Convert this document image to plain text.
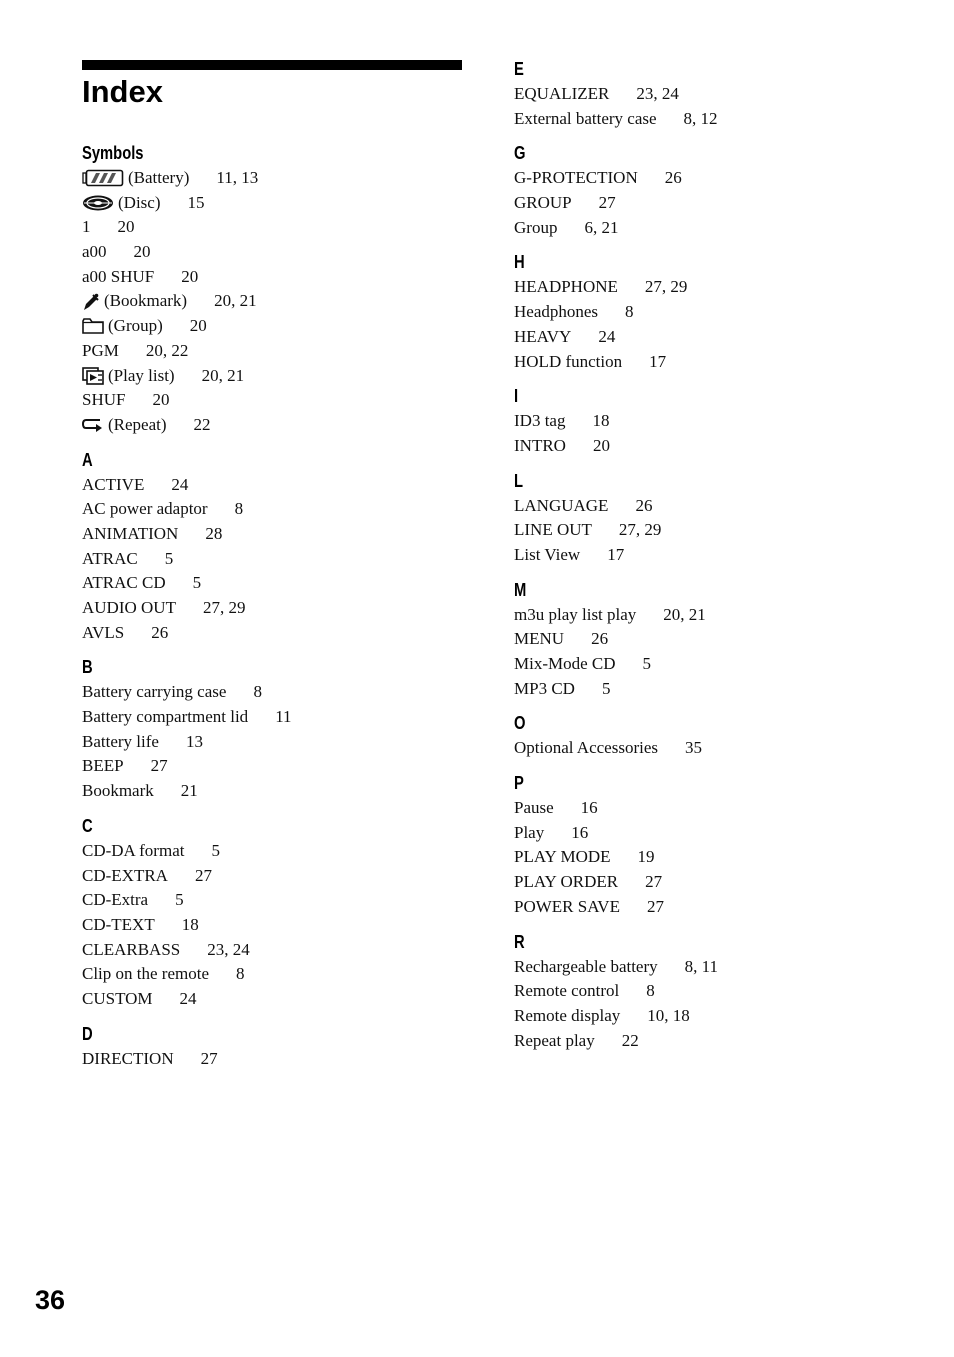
Index
Symbols
(Battery) 11, 13
(Disc) 15
1 20
a00 20
a00 SHUF 20
(Bookmark) 20, 21
(Group) 20
PGM 20, 22
(Play list) 20, 21
SHUF 20
(Repeat) 22
A
ACTIVE 24
AC power adaptor 8
ANIMATION 28
ATRAC 5
ATRAC CD 5
AUDIO OUT 27, 29
AVLS 26
B
Battery carrying case 8
Battery compartment lid 11
Battery life 13
BEEP 27
Bookmark 21
C
CD-DA format 5
CD-EXTRA 27
CD-Extra 5
CD-TEXT 18
CLEARBASS 23, 24
Clip on the remote 8
CUSTOM 24
D
DIRECTION 27
E
EQUALIZER 23, 24
External battery case 8, 12
G
G-PROTECTION 26
GROUP 27
Group 6, 21
H
HEADPHONE 27, 29
Headphones 8
HEAVY 24
HOLD function 17
I
ID3 tag 18
INTRO 20
L
LANGUAGE 26
LINE OUT 27, 29
List View 17
M
m3u play list play 20, 21
MENU 26
Mix-Mode CD 5
MP3 CD 5
O
Optional Accessories 35
P
Pause 16
Play 16
PLAY MODE 19
PLAY ORDER 27
POWER SAVE 27
R
Rechargeable battery 8, 11
Remote control 8
Remote display 10, 18
Repeat play 22
36
